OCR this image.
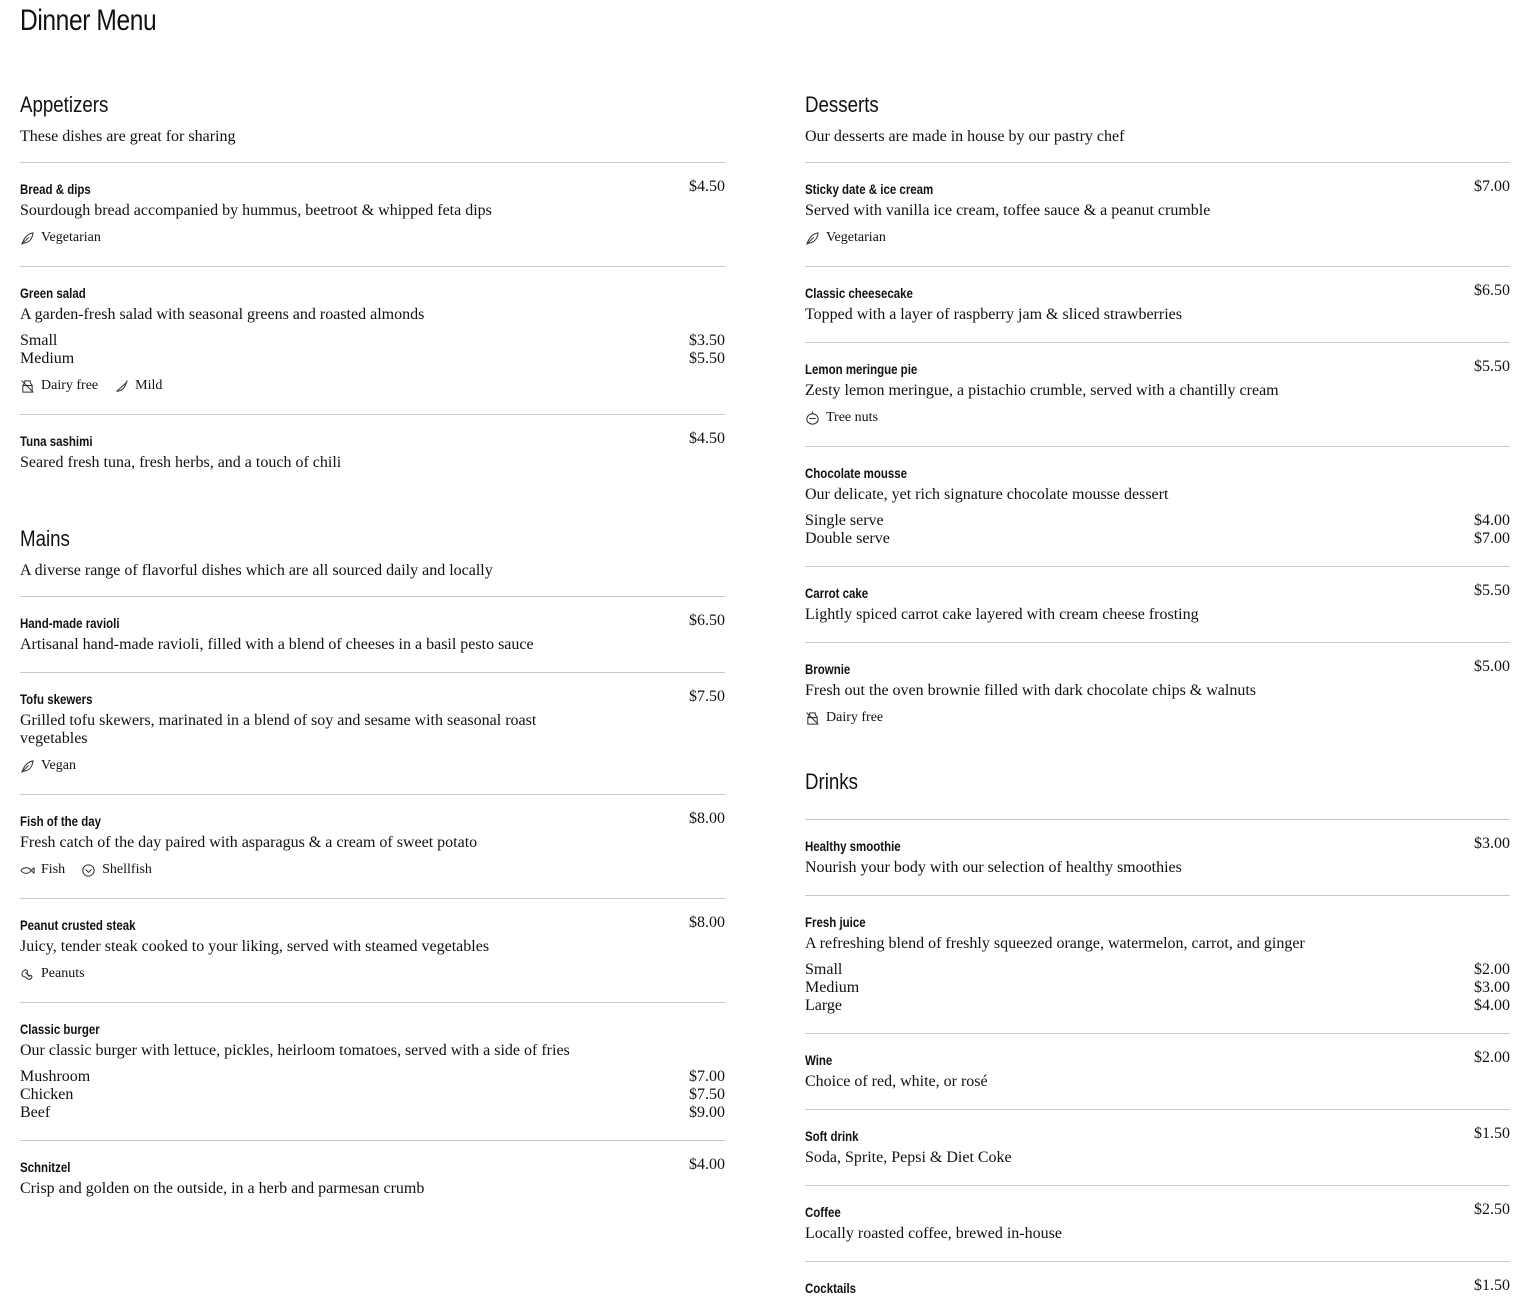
Dinner Menu
Appetizers
These dishes are great for sharing
Bread & dips	$4.50
Sourdough bread accompanied by hummus, beetroot & whipped feta dips
Vegetarian
Green salad
A garden-fresh salad with seasonal greens and roasted almonds
Small	$3.50
Medium	$5.50
Dairy free	Mild
Tuna sashimi	$4.50
Seared fresh tuna, fresh herbs, and a touch of chili
Mains
A diverse range of flavorful dishes which are all sourced daily and locally
Hand-made ravioli	$6.50
Artisanal hand-made ravioli, filled with a blend of cheeses in a basil pesto sauce
Tofu skewers	$7.50
Grilled tofu skewers, marinated in a blend of soy and sesame with seasonal roast vegetables
Vegan
Fish of the day	$8.00
Fresh catch of the day paired with asparagus & a cream of sweet potato
Fish	Shellfish
Peanut crusted steak	$8.00
Juicy, tender steak cooked to your liking, served with steamed vegetables
Peanuts
Classic burger
Our classic burger with lettuce, pickles, heirloom tomatoes, served with a side of fries
Mushroom	$7.00
Chicken	$7.50
Beef	$9.00
Schnitzel	$4.00
Crisp and golden on the outside, in a herb and parmesan crumb
Desserts
Our desserts are made in house by our pastry chef
Sticky date & ice cream	$7.00
Served with vanilla ice cream, toffee sauce & a peanut crumble
Vegetarian
Classic cheesecake	$6.50
Topped with a layer of raspberry jam & sliced strawberries
Lemon meringue pie	$5.50
Zesty lemon meringue, a pistachio crumble, served with a chantilly cream
Tree nuts
Chocolate mousse
Our delicate, yet rich signature chocolate mousse dessert
Single serve	$4.00
Double serve	$7.00
Carrot cake	$5.50
Lightly spiced carrot cake layered with cream cheese frosting
Brownie	$5.00
Fresh out the oven brownie filled with dark chocolate chips & walnuts
Dairy free
Drinks
Healthy smoothie	$3.00
Nourish your body with our selection of healthy smoothies
Fresh juice
A refreshing blend of freshly squeezed orange, watermelon, carrot, and ginger
Small	$2.00
Medium	$3.00
Large	$4.00
Wine	$2.00
Choice of red, white, or rosé
Soft drink	$1.50
Soda, Sprite, Pepsi & Diet Coke
Coffee	$2.50
Locally roasted coffee, brewed in-house
Cocktails	$1.50
